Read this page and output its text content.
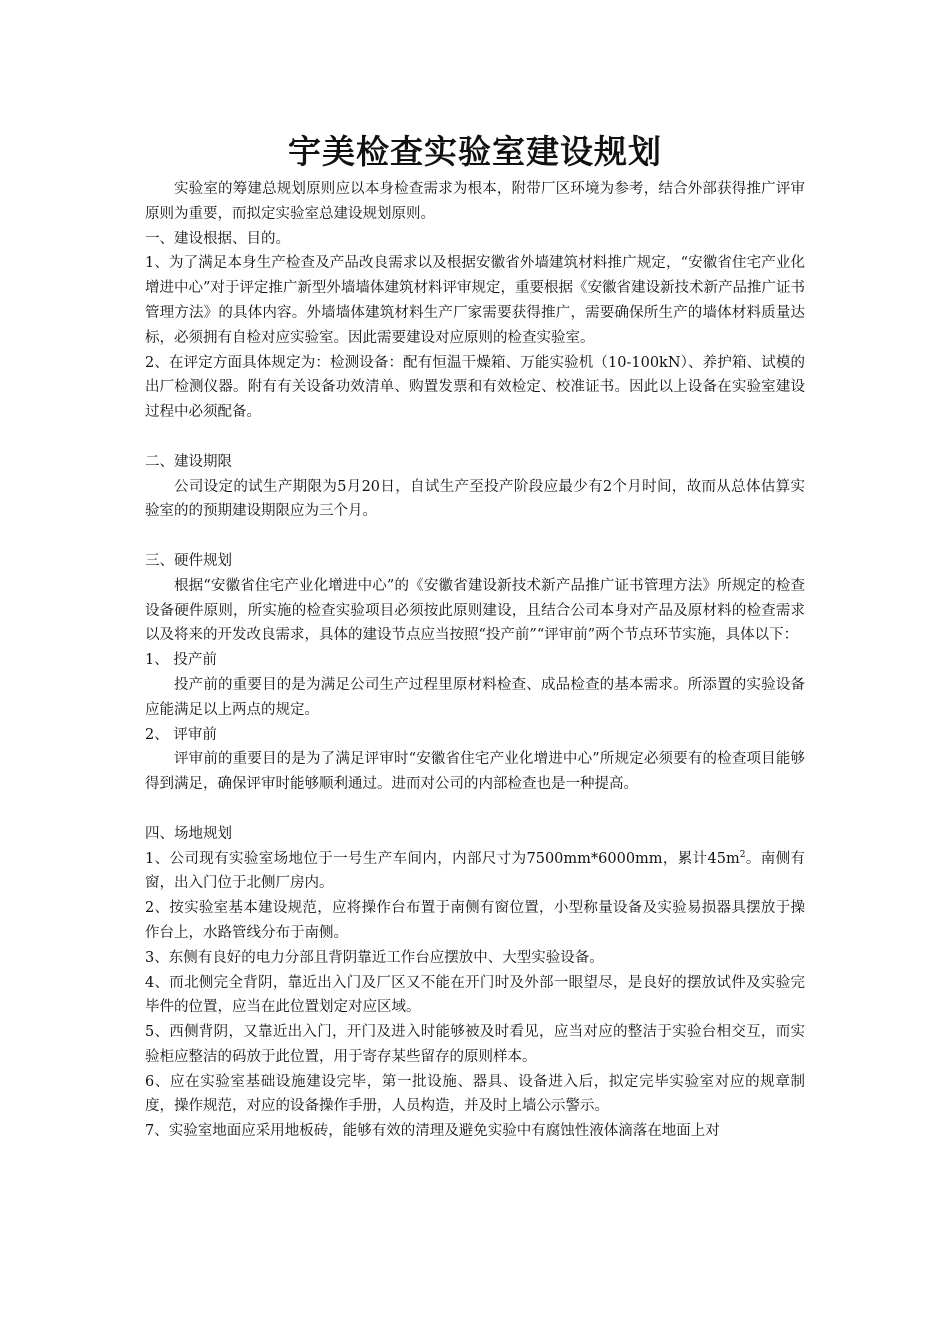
宇美检查实验室建设规划

实验室的筹建总规划原则应以本身检查需求为根本，附带厂区环境为参考，结合外部获得推广评审原则为重要，而拟定实验室总建设规划原则。

一、建设根据、目的。

1、为了满足本身生产检查及产品改良需求以及根据安徽省外墙建筑材料推广规定，“安徽省住宅产业化增进中心”对于评定推广新型外墙墙体建筑材料评审规定，重要根据《安徽省建设新技术新产品推广证书管理方法》的具体内容。外墙墙体建筑材料生产厂家需要获得推广，需要确保所生产的墙体材料质量达标，必须拥有自检对应实验室。因此需要建设对应原则的检查实验室。

2、在评定方面具体规定为：检测设备：配有恒温干燥箱、万能实验机（10-100kN）、养护箱、试模的出厂检测仪器。附有有关设备功效清单、购置发票和有效检定、校准证书。因此以上设备在实验室建设过程中必须配备。

二、建设期限

公司设定的试生产期限为5月20日，自试生产至投产阶段应最少有2个月时间，故而从总体估算实验室的的预期建设期限应为三个月。

三、硬件规划

根据“安徽省住宅产业化增进中心”的《安徽省建设新技术新产品推广证书管理方法》所规定的检查设备硬件原则，所实施的检查实验项目必须按此原则建设，且结合公司本身对产品及原材料的检查需求以及将来的开发改良需求，具体的建设节点应当按照“投产前”“评审前”两个节点环节实施，具体以下：

1、 投产前

投产前的重要目的是为满足公司生产过程里原材料检查、成品检查的基本需求。所添置的实验设备应能满足以上两点的规定。

2、 评审前

评审前的重要目的是为了满足评审时“安徽省住宅产业化增进中心”所规定必须要有的检查项目能够得到满足，确保评审时能够顺利通过。进而对公司的内部检查也是一种提高。

四、场地规划

1、公司现有实验室场地位于一号生产车间内，内部尺寸为7500mm*6000mm，累计$45m^2$。南侧有窗，出入门位于北侧厂房内。

2、按实验室基本建设规范，应将操作台布置于南侧有窗位置，小型称量设备及实验易损器具摆放于操作台上，水路管线分布于南侧。

3、东侧有良好的电力分部且背阴靠近工作台应摆放中、大型实验设备。

4、而北侧完全背阴，靠近出入门及厂区又不能在开门时及外部一眼望尽，是良好的摆放试件及实验完毕件的位置，应当在此位置划定对应区域。

5、西侧背阴，又靠近出入门，开门及进入时能够被及时看见，应当对应的整洁于实验台相交互，而实验柜应整洁的码放于此位置，用于寄存某些留存的原则样本。

6、应在实验室基础设施建设完毕，第一批设施、器具、设备进入后，拟定完毕实验室对应的规章制度，操作规范，对应的设备操作手册，人员构造，并及时上墙公示警示。

7、实验室地面应采用地板砖，能够有效的清理及避免实验中有腐蚀性液体滴落在地面上对
